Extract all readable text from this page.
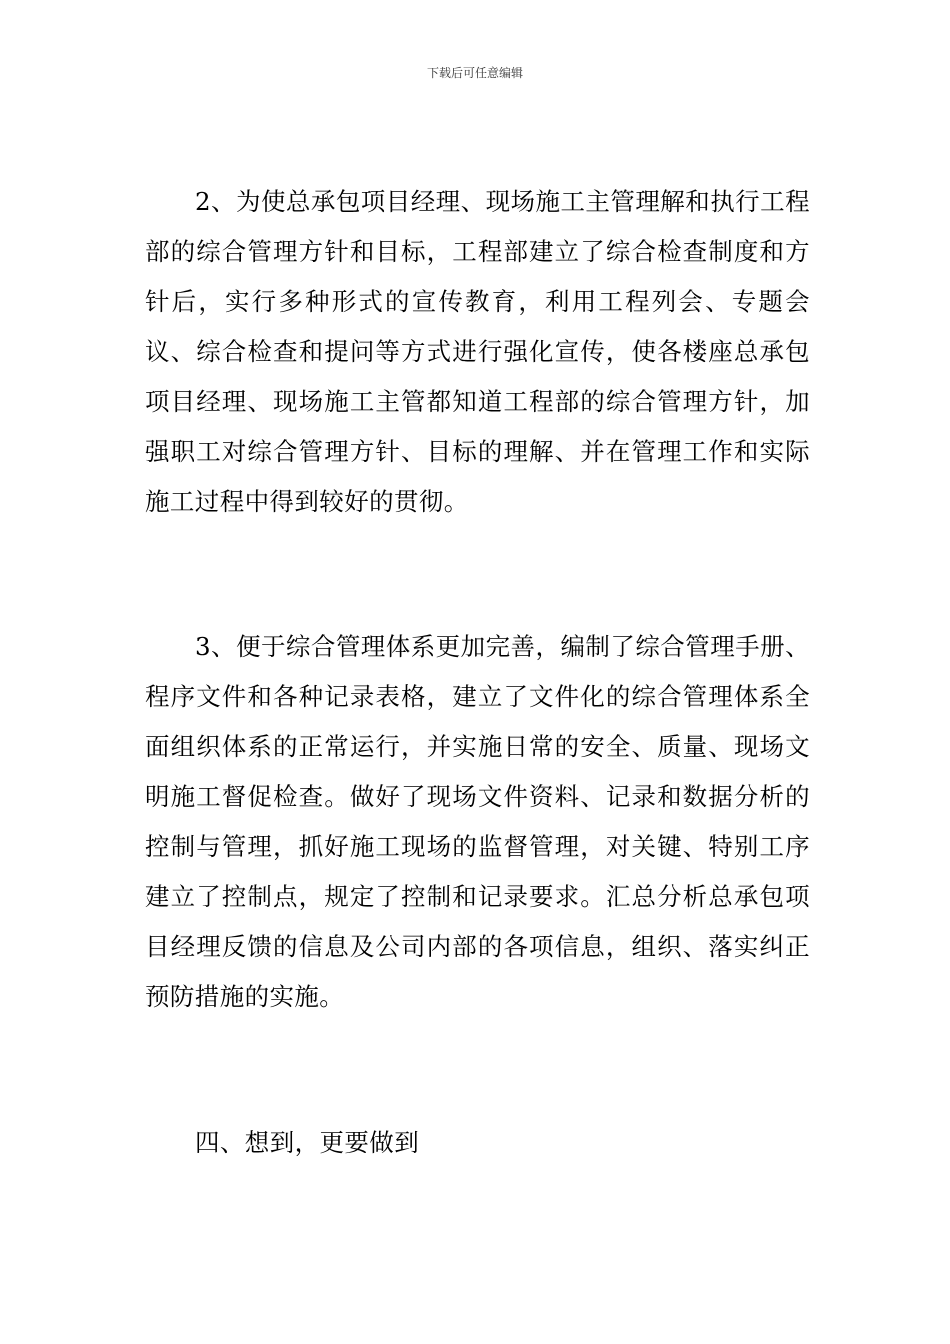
下载后可任意编辑

2、为使总承包项目经理、现场施工主管理解和执行工程部的综合管理方针和目标，工程部建立了综合检查制度和方针后，实行多种形式的宣传教育，利用工程列会、专题会议、综合检查和提问等方式进行强化宣传，使各楼座总承包项目经理、现场施工主管都知道工程部的综合管理方针，加强职工对综合管理方针、目标的理解、并在管理工作和实际施工过程中得到较好的贯彻。

3、便于综合管理体系更加完善，编制了综合管理手册、程序文件和各种记录表格，建立了文件化的综合管理体系全面组织体系的正常运行，并实施日常的安全、质量、现场文明施工督促检查。做好了现场文件资料、记录和数据分析的控制与管理，抓好施工现场的监督管理，对关键、特别工序建立了控制点，规定了控制和记录要求。汇总分析总承包项目经理反馈的信息及公司内部的各项信息，组织、落实纠正预防措施的实施。

四、想到，更要做到
